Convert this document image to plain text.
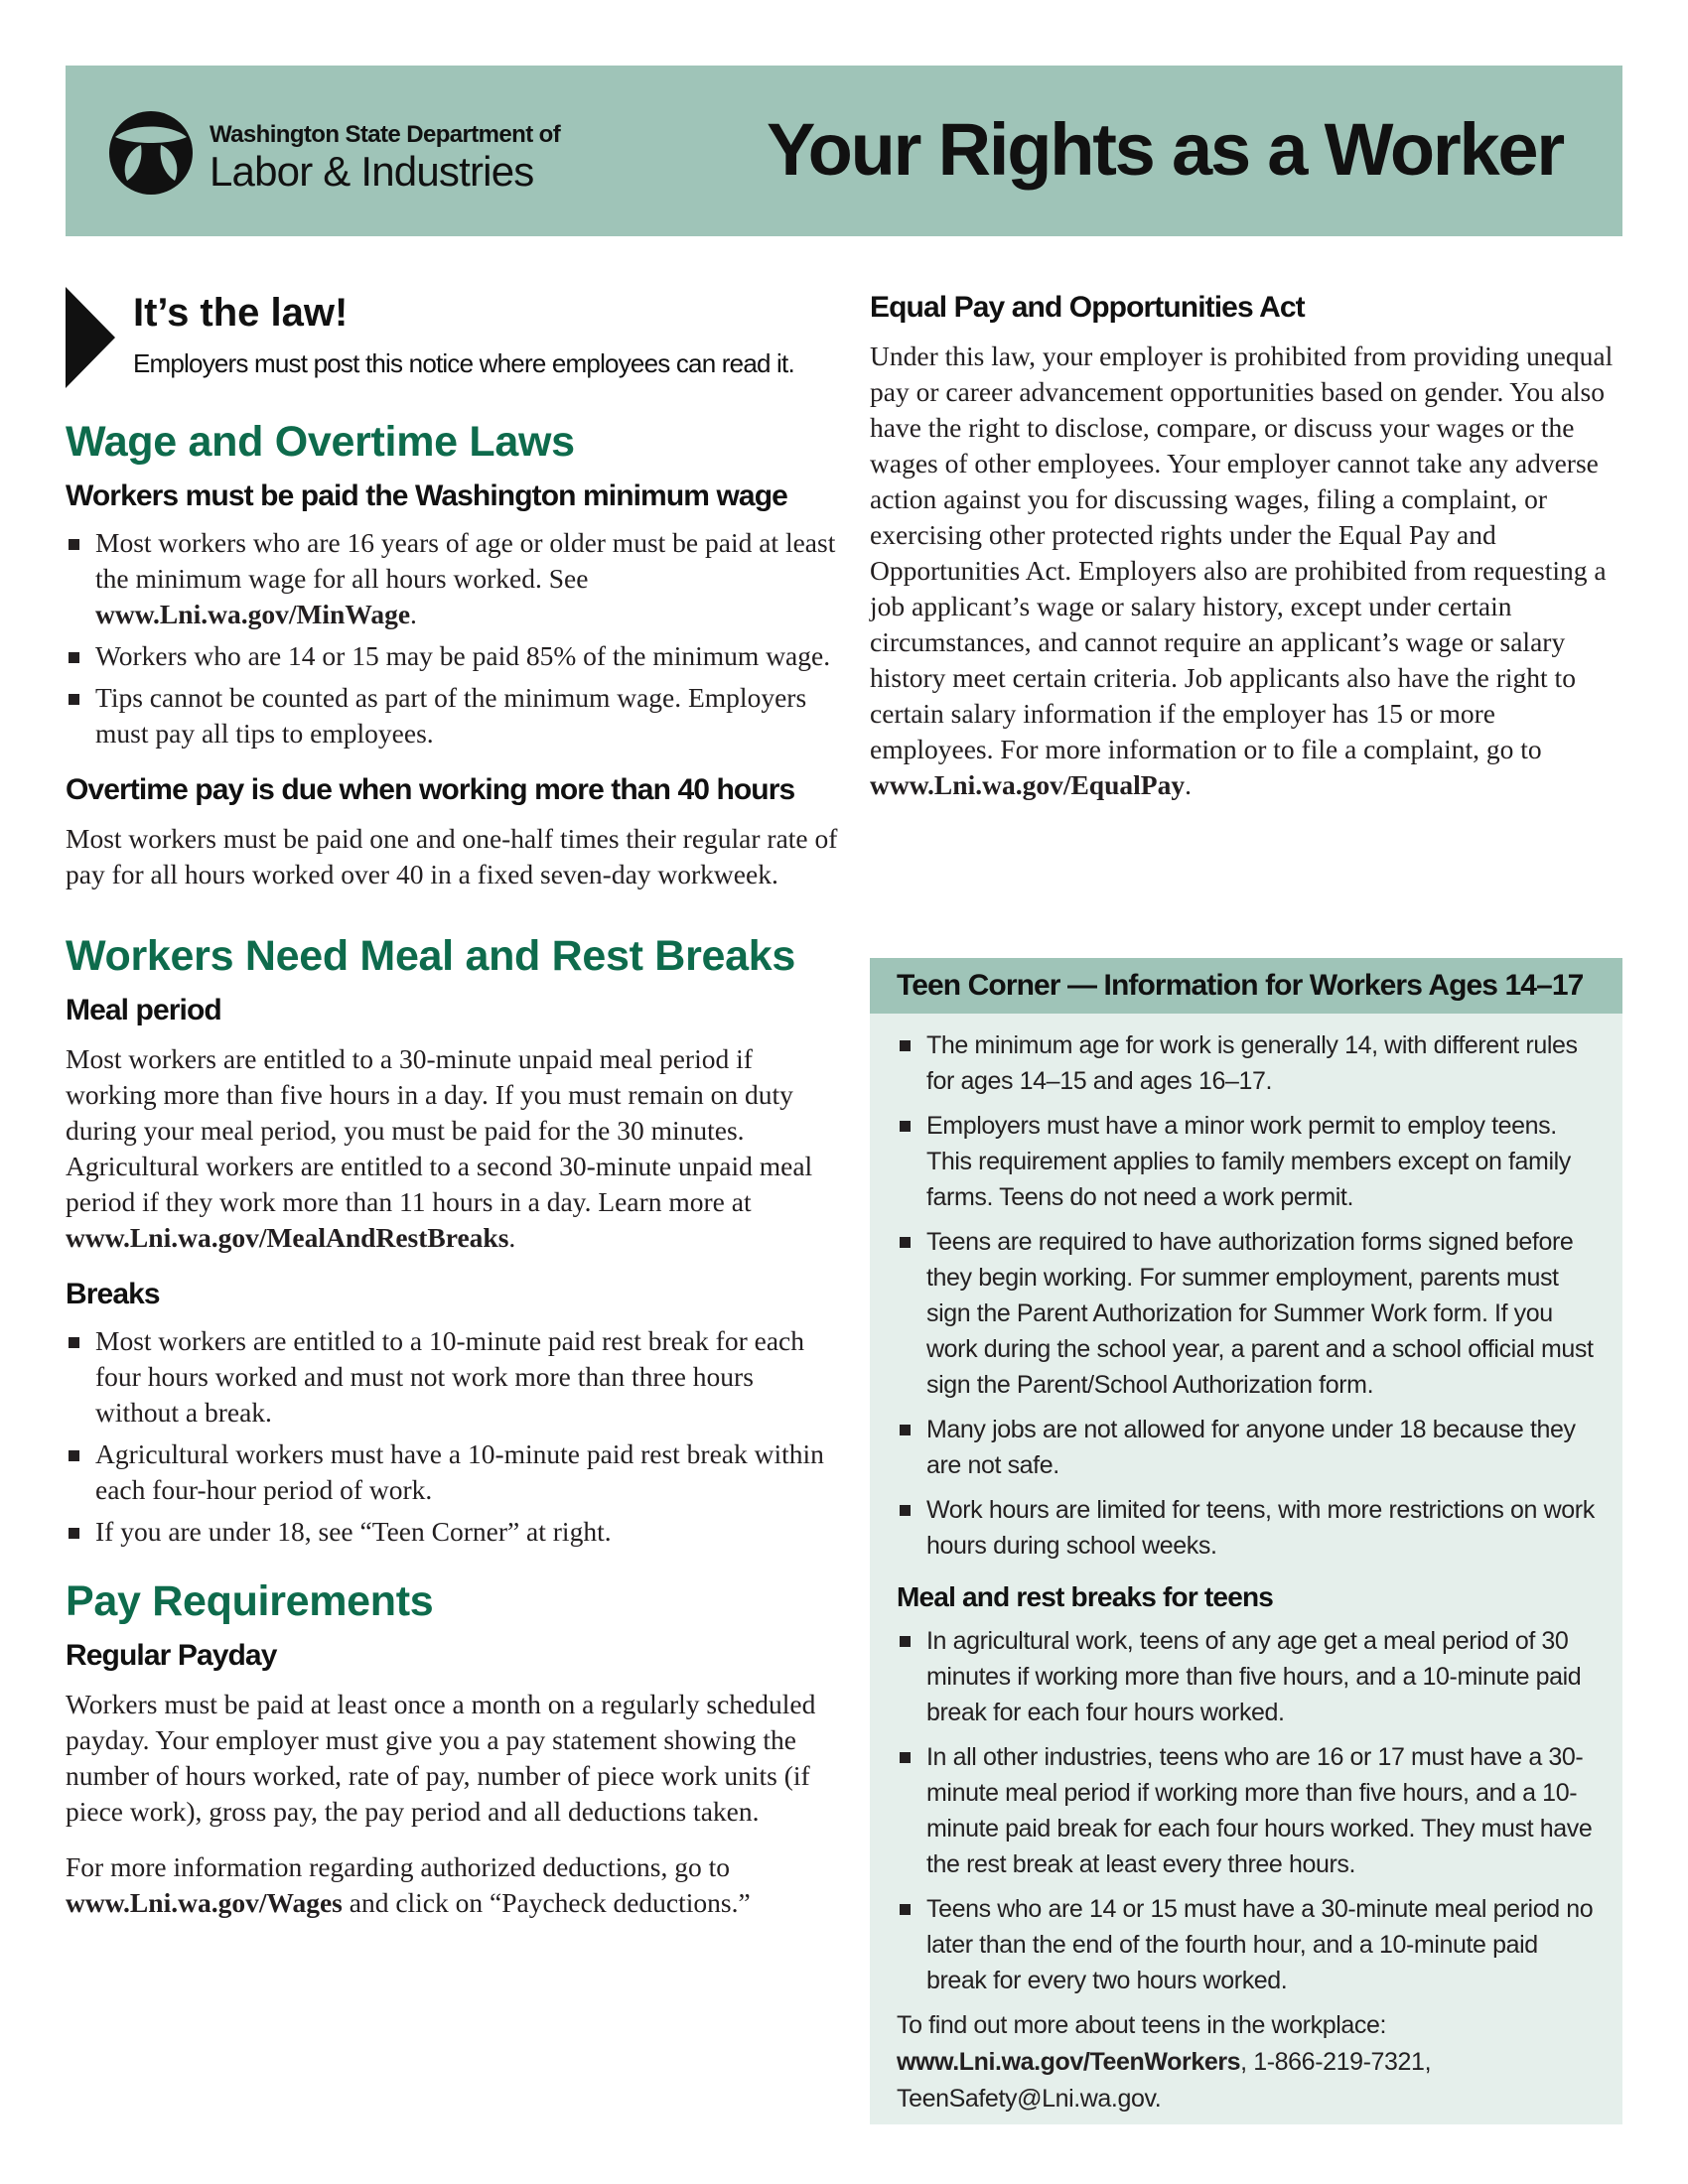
Washington State Department of
Labor & Industries	Your Rights as a Worker
It’s the law!
Employers must post this notice where employees can read it.
Wage and Overtime Laws
Workers must be paid the Washington minimum wage
Most workers who are 16 years of age or older must be paid at least the minimum wage for all hours worked. See www.Lni.wa.gov/MinWage.
Workers who are 14 or 15 may be paid 85% of the minimum wage.
Tips cannot be counted as part of the minimum wage. Employers must pay all tips to employees.
Overtime pay is due when working more than 40 hours

Most workers must be paid one and one-half times their regular rate of pay for all hours worked over 40 in a fixed seven-day workweek.

Workers Need Meal and Rest Breaks
Meal period

Most workers are entitled to a 30-minute unpaid meal period if working more than five hours in a day. If you must remain on duty during your meal period, you must be paid for the 30 minutes. Agricultural workers are entitled to a second 30-minute unpaid meal period if they work more than 11 hours in a day. Learn more at www.Lni.wa.gov/MealAndRestBreaks.

Breaks
Most workers are entitled to a 10-minute paid rest break for each four hours worked and must not work more than three hours without a break.
Agricultural workers must have a 10-minute paid rest break within each four-hour period of work.
If you are under 18, see “Teen Corner” at right.
Pay Requirements
Regular Payday

Workers must be paid at least once a month on a regularly scheduled payday. Your employer must give you a pay statement showing the number of hours worked, rate of pay, number of piece work units (if piece work), gross pay, the pay period and all deductions taken.

For more information regarding authorized deductions, go to www.Lni.wa.gov/Wages and click on “Paycheck deductions.”

Equal Pay and Opportunities Act

Under this law, your employer is prohibited from providing unequal pay or career advancement opportunities based on gender. You also have the right to disclose, compare, or discuss your wages or the wages of other employees. Your employer cannot take any adverse action against you for discussing wages, filing a complaint, or exercising other protected rights under the Equal Pay and Opportunities Act. Employers also are prohibited from requesting a job applicant’s wage or salary history, except under certain circumstances, and cannot require an applicant’s wage or salary history meet certain criteria. Job applicants also have the right to certain salary information if the employer has 15 or more employees. For more information or to file a complaint, go to www.Lni.wa.gov/EqualPay.

Teen Corner — Information for Workers Ages 14–17
The minimum age for work is generally 14, with different rules for ages 14–15 and ages 16–17.
Employers must have a minor work permit to employ teens. This requirement applies to family members except on family farms. Teens do not need a work permit.
Teens are required to have authorization forms signed before they begin working. For summer employment, parents must sign the Parent Authorization for Summer Work form. If you work during the school year, a parent and a school official must sign the Parent/School Authorization form.
Many jobs are not allowed for anyone under 18 because they are not safe.
Work hours are limited for teens, with more restrictions on work hours during school weeks.
Meal and rest breaks for teens
In agricultural work, teens of any age get a meal period of 30 minutes if working more than five hours, and a 10-minute paid break for each four hours worked.
In all other industries, teens who are 16 or 17 must have a 30-minute meal period if working more than five hours, and a 10-minute paid break for each four hours worked. They must have the rest break at least every three hours.
Teens who are 14 or 15 must have a 30-minute meal period no later than the end of the fourth hour, and a 10-minute paid break for every two hours worked.
To find out more about teens in the workplace: www.Lni.wa.gov/TeenWorkers, 1-866-219-7321, TeenSafety@Lni.wa.gov.
